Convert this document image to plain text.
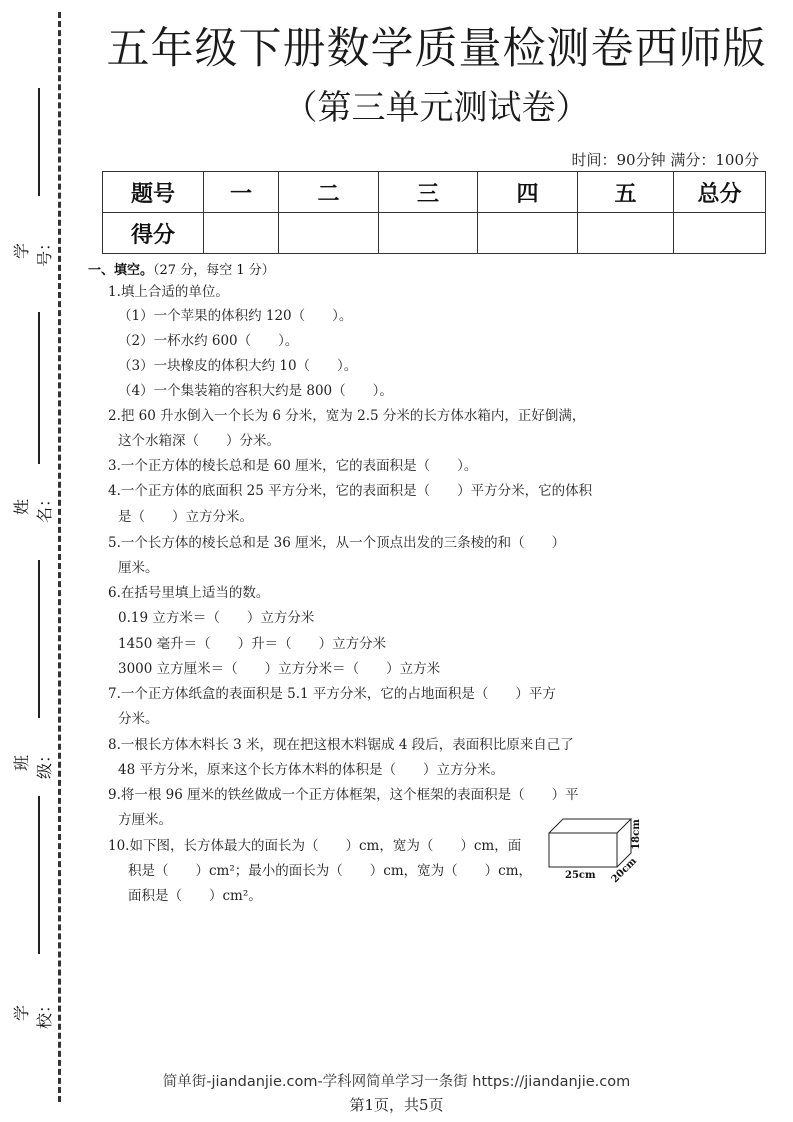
学号：
姓名：
班级：
学校：
五年级下册数学质量检测卷西师版
（第三单元测试卷）
时间：90分钟 满分：100分
题号	一	二	三	四	五	总分
得分						
一、填空。（27 分，每空 1 分）
1.填上合适的单位。
（1）一个苹果的体积约 120（　　）。
（2）一杯水约 600（　　）。
（3）一块橡皮的体积大约 10（　　）。
（4）一个集装箱的容积大约是 800（　　）。
2.把 60 升水倒入一个长为 6 分米，宽为 2.5 分米的长方体水箱内，正好倒满，
这个水箱深（　　）分米。
3.一个正方体的棱长总和是 60 厘米，它的表面积是（　　）。
4.一个正方体的底面积 25 平方分米，它的表面积是（　　）平方分米，它的体积
是（　　）立方分米。
5.一个长方体的棱长总和是 36 厘米，从一个顶点出发的三条棱的和（　　）
厘米。
6.在括号里填上适当的数。
0.19 立方米＝（　　）立方分米
1450 毫升＝（　　）升＝（　　）立方分米
3000 立方厘米＝（　　）立方分米＝（　　）立方米
7.一个正方体纸盒的表面积是 5.1 平方分米，它的占地面积是（　　）平方
分米。
8.一根长方体木料长 3 米，现在把这根木料锯成 4 段后，表面积比原来自己了
48 平方分米，原来这个长方体木料的体积是（　　）立方分米。
9.将一根 96 厘米的铁丝做成一个正方体框架，这个框架的表面积是（　　）平
方厘米。
10.如下图，长方体最大的面长为（　　）cm，宽为（　　）cm，面
积是（　　）cm²；最小的面长为（　　）cm，宽为（　　）cm，
面积是（　　）cm²。
25cm 20cm
18cm
简单街-jiandanjie.com-学科网简单学习一条街 https://jiandanjie.com
第1页，共5页
